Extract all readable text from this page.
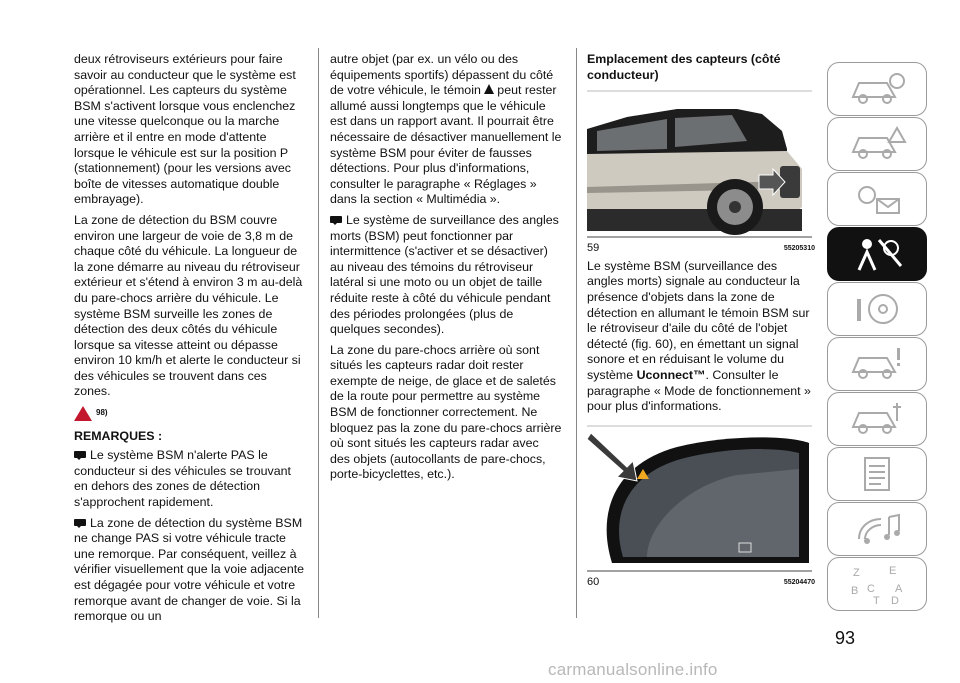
deux rétroviseurs extérieurs pour faire savoir au conducteur que le système est opérationnel. Les capteurs du système BSM s'activent lorsque vous enclenchez une vitesse quelconque ou la marche arrière et il entre en mode d'attente lorsque le véhicule est sur la position P (stationnement) (pour les versions avec boîte de vitesses automatique double embrayage).

La zone de détection du BSM couvre environ une largeur de voie de 3,8 m de chaque côté du véhicule. La longueur de la zone démarre au niveau du rétroviseur extérieur et s'étend à environ 3 m au-delà du pare-chocs arrière du véhicule. Le système BSM surveille les zones de détection des deux côtés du véhicule lorsque sa vitesse atteint ou dépasse environ 10 km/h et alerte le conducteur si des véhicules se trouvent dans ces zones.

98)
REMARQUES :

Le système BSM n'alerte PAS le conducteur si des véhicules se trouvant en dehors des zones de détection s'approchent rapidement.

La zone de détection du système BSM ne change PAS si votre véhicule tracte une remorque. Par conséquent, veillez à vérifier visuellement que la voie adjacente est dégagée pour votre véhicule et votre remorque avant de changer de voie. Si la remorque ou un

autre objet (par ex. un vélo ou des équipements sportifs) dépassent du côté de votre véhicule, le témoin peut rester allumé aussi longtemps que le véhicule est dans un rapport avant. Il pourrait être nécessaire de désactiver manuellement le système BSM pour éviter de fausses détections. Pour plus d'informations, consulter le paragraphe « Réglages » dans la section « Multimédia ».

Le système de surveillance des angles morts (BSM) peut fonctionner par intermittence (s'activer et se désactiver) au niveau des témoins du rétroviseur latéral si une moto ou un objet de taille réduite reste à côté du véhicule pendant des périodes prolongées (plus de quelques secondes).

La zone du pare-chocs arrière où sont situés les capteurs radar doit rester exempte de neige, de glace et de saletés de la route pour permettre au système BSM de fonctionner correctement. Ne bloquez pas la zone du pare-chocs arrière où sont situés les capteurs radar avec des objets (autocollants de pare-chocs, porte-bicyclettes, etc.).

Emplacement des capteurs (côté conducteur)
59	55205310

Le système BSM (surveillance des angles morts) signale au conducteur la présence d'objets dans la zone de détection en allumant le témoin BSM sur le rétroviseur d'aile du côté de l'objet détecté (fig. 60), en émettant un signal sonore et en réduisant le volume du système Uconnect™. Consulter le paragraphe « Mode de fonctionnement » pour plus d'informations.

60	55204470
Z	E
B C A
T D
93
carmanualsonline.info
